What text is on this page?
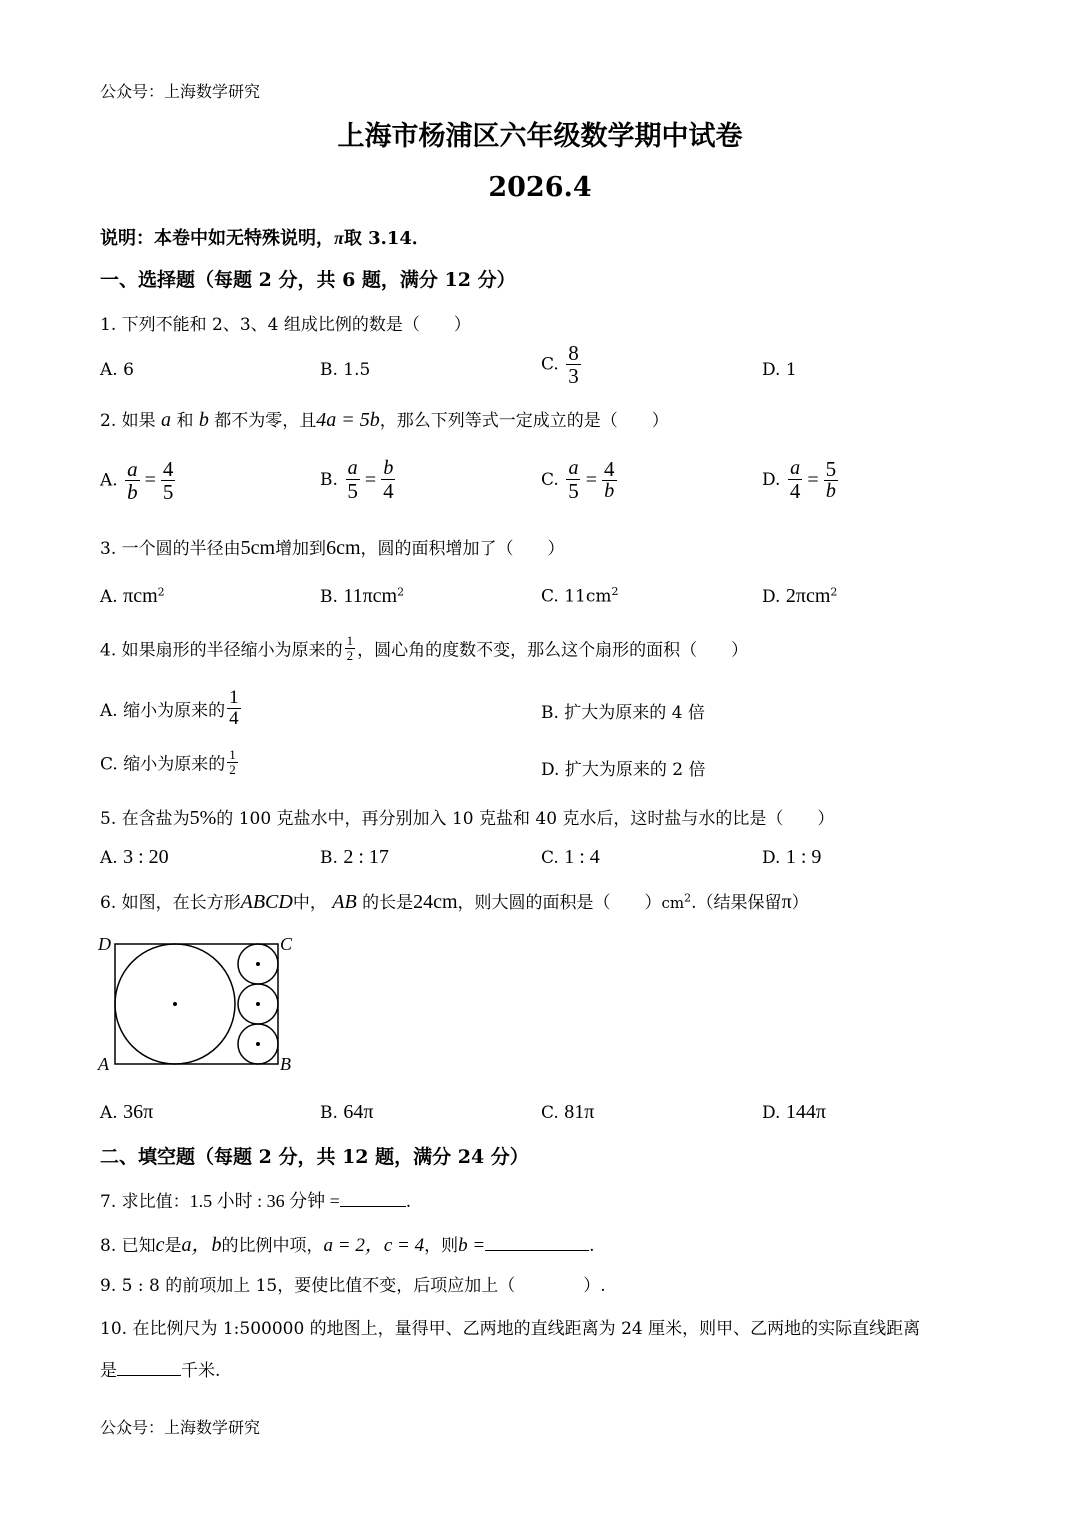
公众号：上海数学研究
上海市杨浦区六年级数学期中试卷
2026.4
说明：本卷中如无特殊说明，π取 3.14．
一、选择题（每题 2 分，共 6 题，满分 12 分）
1. 下列不能和 2、3、4 组成比例的数是（　　）
A. 6	B. 1.5	C. $\frac{8}{3}$	D. 1
2. 如果 a 和 b 都不为零，且4a = 5b，那么下列等式一定成立的是（　　）
A. $\frac{a}{b} = \frac{4}{5}$	B. $\frac{a}{5} = \frac{b}{4}$	C. $\frac{a}{5} = \frac{4}{b}$	D. $\frac{a}{4} = \frac{5}{b}$
3. 一个圆的半径由5cm增加到6cm，圆的面积增加了（　　）
A. πcm$^2$	B. 11πcm$^2$	C. $11cm^2$	D. 2πcm$^2$
4. 如果扇形的半径缩小为原来的 $\frac{1}{2}$ ，圆心角的度数不变，那么这个扇形的面积（　　）
A. 缩小为原来的 $\frac{1}{4}$	B. 扩大为原来的 4 倍
C. 缩小为原来的 $\frac{1}{2}$	D. 扩大为原来的 2 倍
5. 在含盐为5%的 100 克盐水中，再分别加入 10 克盐和 40 克水后，这时盐与水的比是（　　）
A. 3 : 20	B. 2 : 17	C. 1 : 4	D. 1 : 9
6. 如图，在长方形ABCD中， AB 的长是24cm，则大圆的面积是（　　）$cm^2$.（结果保留π）
D	C
A	B
A. 36π	B. 64π	C. 81π	D. 144π
二、填空题（每题 2 分，共 12 题，满分 24 分）
7. 求比值：1.5 小时 : 36 分钟 =	.
8. 已知c是a，b的比例中项，a = 2，c = 4，则b =	.
9. 5 : 8 的前项加上 15，要使比值不变，后项应加上（　　　　）.
10. 在比例尺为 1:500000 的地图上，量得甲、乙两地的直线距离为 24 厘米，则甲、乙两地的实际直线距离
是	千米.
公众号：上海数学研究
